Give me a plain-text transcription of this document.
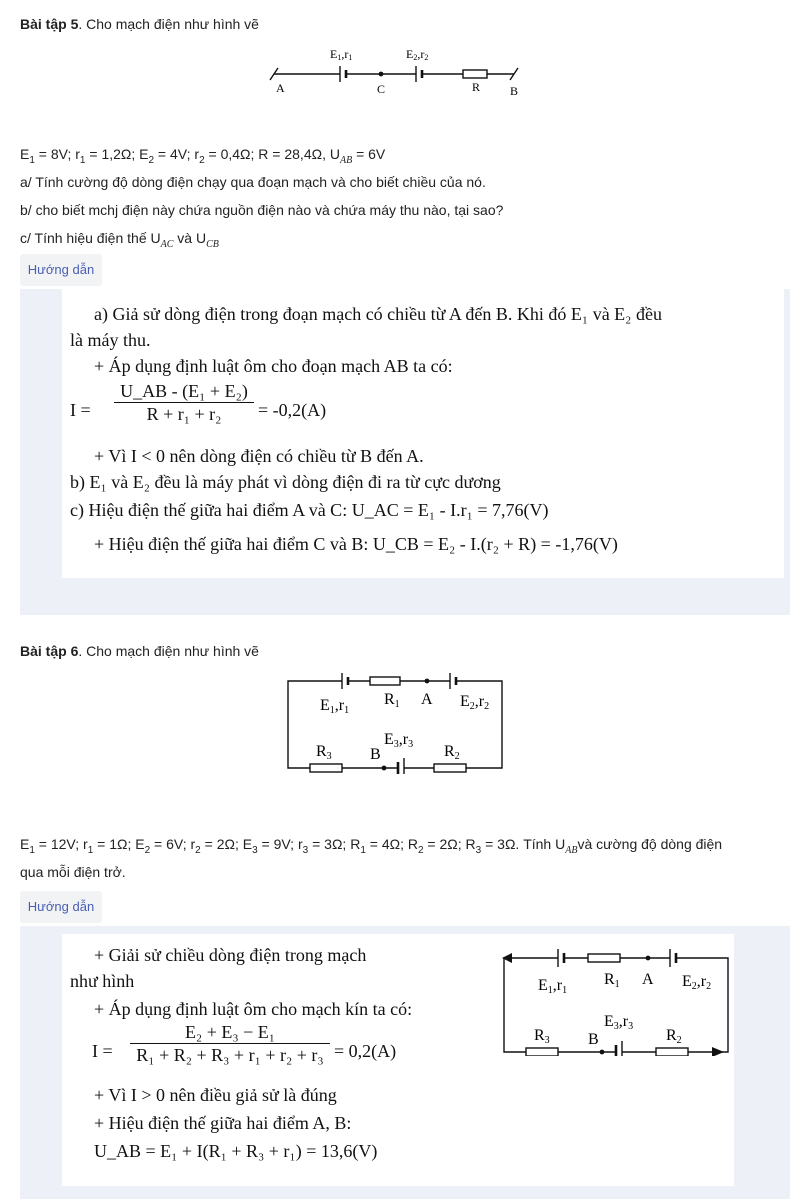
Bài tập 5. Cho mạch điện như hình vẽ
E1,r1	E2,r2
A	C	R B
$E_1 = 8V$; $r_1 = 1,2\Omega$; $E_2 = 4V$; $r_2 = 0,4\Omega$; R = 28,4Ω, $U_{AB} = 6V$
a/ Tính cường độ dòng điện chạy qua đoạn mạch và cho biết chiều của nó.
b/ cho biết mchj điện này chứa nguồn điện nào và chứa máy thu nào, tại sao?
c/ Tính hiệu điện thế $U_{AC}$ và $U_{CB}$
Hướng dẫn
a) Giả sử dòng điện trong đoạn mạch có chiều từ A đến B. Khi đó E₁ và E₂ đều
là máy thu.
+ Áp dụng định luật ôm cho đoạn mạch AB ta có:
I =
U_AB - (E₁ + E₂)
R + r₁ + r₂	= -0,2(A)
+ Vì I < 0 nên dòng điện có chiều từ B đến A.
b) E₁ và E₂ đều là máy phát vì dòng điện đi ra từ cực dương
c) Hiệu điện thế giữa hai điểm A và C: U_AC = E₁ - I.r₁ = 7,76(V)
+ Hiệu điện thế giữa hai điểm C và B: U_CB = E₂ - I.(r₂ + R) = -1,76(V)
Bài tập 6. Cho mạch điện như hình vẽ
E1,r1
R1 A E2,r2
R3 B
E3,r3 R2
$E_1 = 12V$; $r_1 = 1\Omega$; $E_2 = 6V$; $r_2 = 2\Omega$; $E_3 = 9V$; $r_3 = 3\Omega$; $R_1 = 4\Omega$; $R_2 = 2\Omega$; $R_3 = 3\Omega$. Tính $U_{AB}và$ cường độ dòng điện
qua mỗi điện trở.
Hướng dẫn
+ Giải sử chiều dòng điện trong mạch
như hình
+ Áp dụng định luật ôm cho mạch kín ta có:
I =
E₂ + E₃ − E₁
R₁ + R₂ + R₃ + r₁ + r₂ + r₃ = 0,2(A)
+ Vì I > 0 nên điều giả sử là đúng
+ Hiệu điện thế giữa hai điểm A, B:
U_AB = E₁ + I(R₁ + R₃ + r₁) = 13,6(V)
E1,r1
R1 A E2,r2
R3 B
E3,r3
R2
